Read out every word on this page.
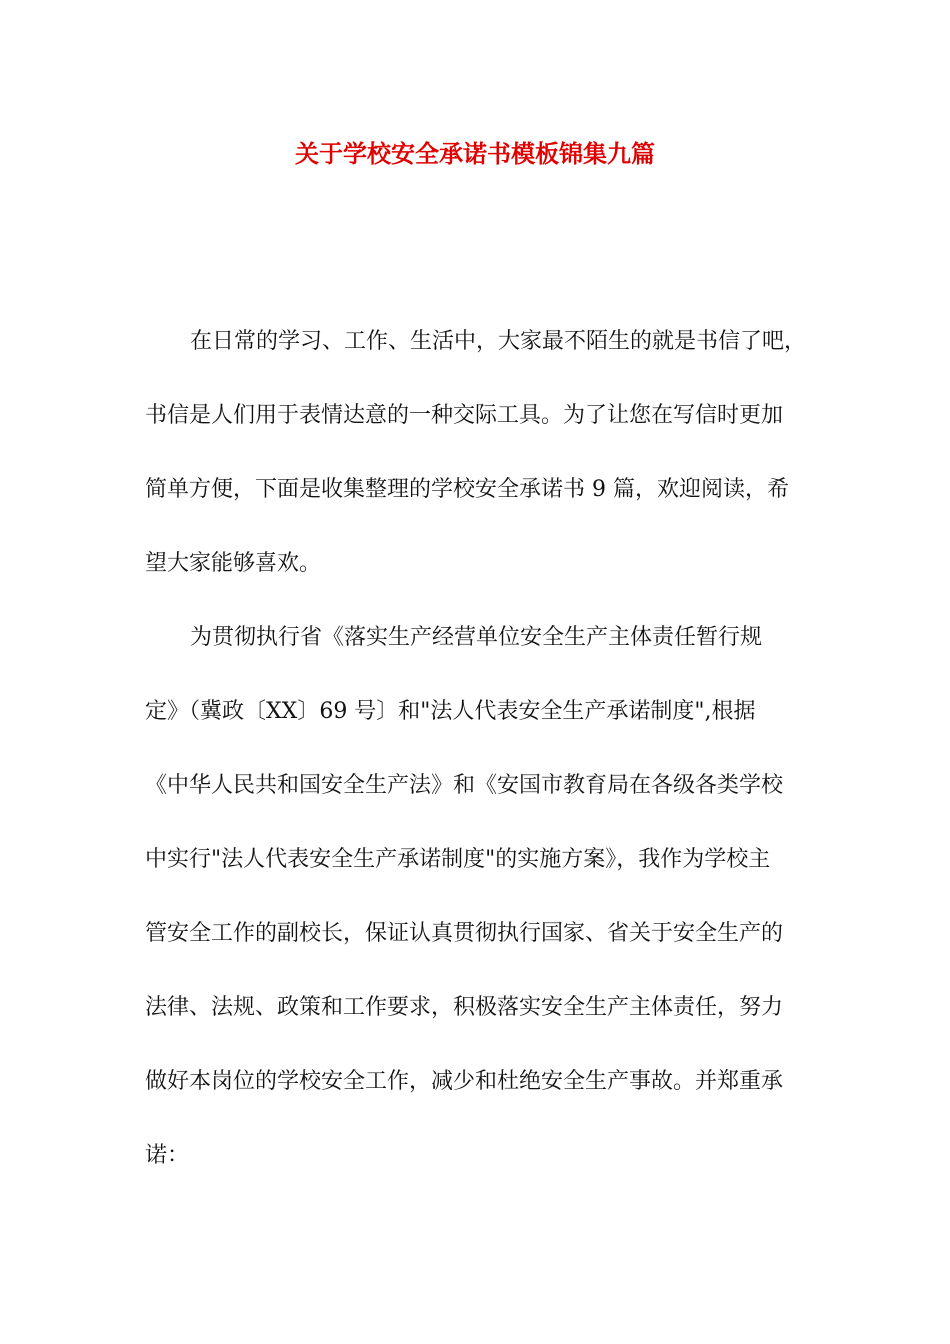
关于学校安全承诺书模板锦集九篇
在日常的学习、工作、生活中，大家最不陌生的就是书信了吧，
书信是人们用于表情达意的一种交际工具。为了让您在写信时更加
简单方便，下面是收集整理的学校安全承诺书 9 篇，欢迎阅读，希
望大家能够喜欢。
为贯彻执行省《落实生产经营单位安全生产主体责任暂行规
定》（冀政〔XX〕69 号〕和"法人代表安全生产承诺制度",根据
《中华人民共和国安全生产法》和《安国市教育局在各级各类学校
中实行"法人代表安全生产承诺制度"的实施方案》，我作为学校主
管安全工作的副校长，保证认真贯彻执行国家、省关于安全生产的
法律、法规、政策和工作要求，积极落实安全生产主体责任，努力
做好本岗位的学校安全工作，减少和杜绝安全生产事故。并郑重承
诺：
